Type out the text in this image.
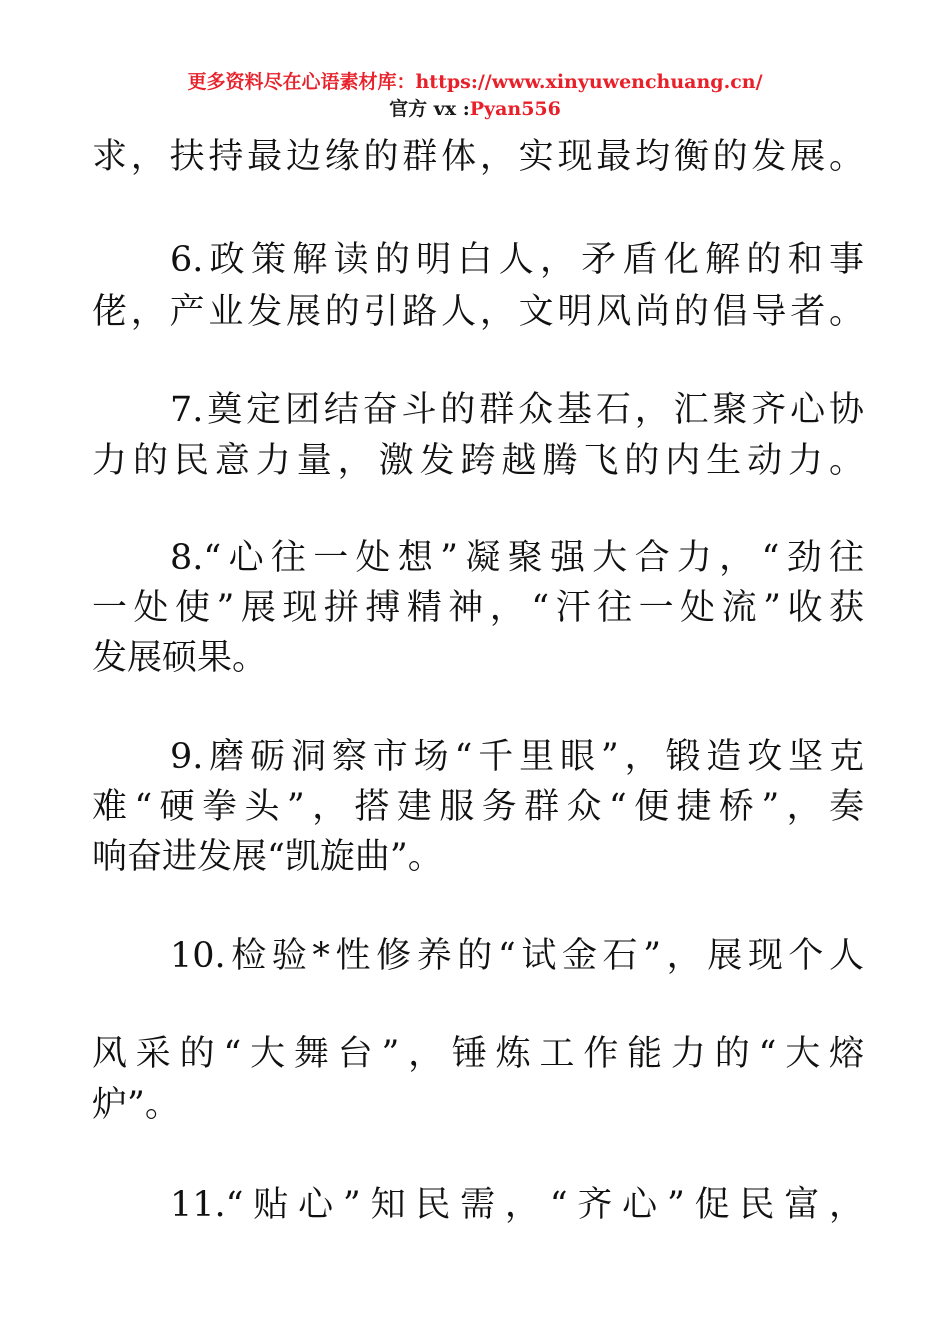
更多资料尽在心语素材库：https://www.xinyuwenchuang.cn/
官方 vx :Pyan556
求，扶持最边缘的群体，实现最均衡的发展。
6.政策解读的明白人，矛盾化解的和事
佬，产业发展的引路人，文明风尚的倡导者。
7.奠定团结奋斗的群众基石，汇聚齐心协
力的民意力量，激发跨越腾飞的内生动力。
8.“心往一处想”凝聚强大合力，“劲往
一处使”展现拼搏精神，“汗往一处流”收获
发展硕果。
9.磨砺洞察市场“千里眼”，锻造攻坚克
难“硬拳头”，搭建服务群众“便捷桥”，奏
响奋进发展“凯旋曲”。
10.检验*性修养的“试金石”，展现个人
风采的“大舞台”，锤炼工作能力的“大熔
炉”。
11.“贴心”知民需，“齐心”促民富，
